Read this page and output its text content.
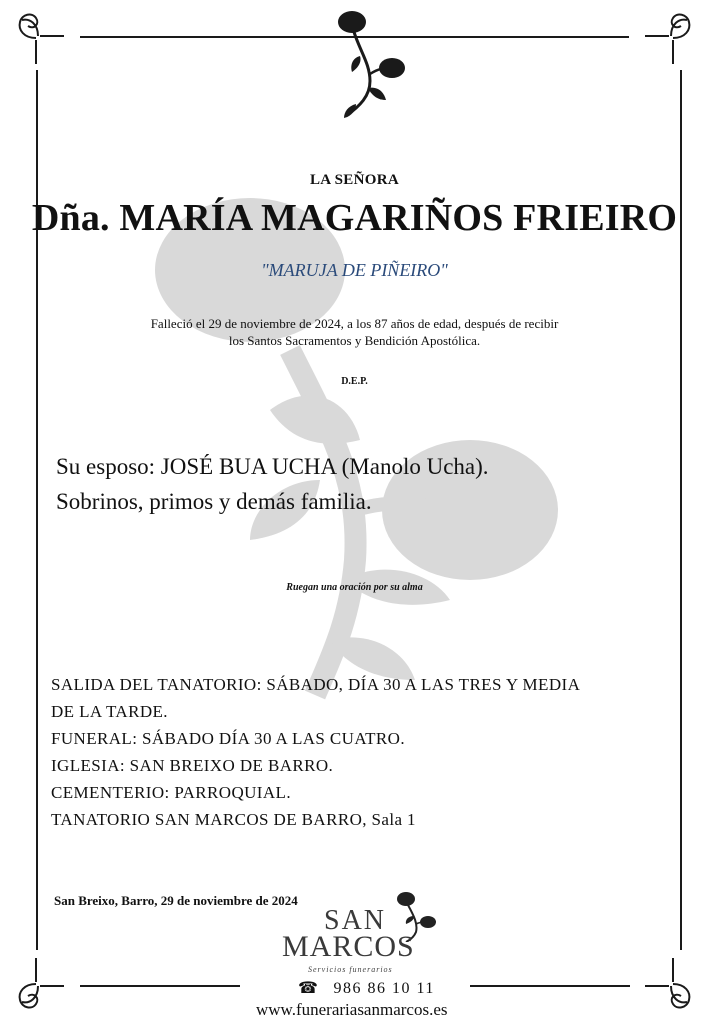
LA SEÑORA
Dña. MARÍA MAGARIÑOS FRIEIRO
"MARUJA DE PIÑEIRO"
Falleció el 29 de noviembre de 2024, a los 87 años de edad, después de recibir
los Santos Sacramentos y Bendición Apostólica.
D.E.P.
Su esposo: JOSÉ BUA UCHA (Manolo Ucha).
Sobrinos, primos y demás familia.
Ruegan una oración por su alma
SALIDA DEL TANATORIO: SÁBADO, DÍA 30 A LAS TRES Y MEDIA
DE LA TARDE.
FUNERAL: SÁBADO DÍA 30 A LAS CUATRO.
IGLESIA: SAN BREIXO DE BARRO.
CEMENTERIO: PARROQUIAL.
TANATORIO SAN MARCOS DE BARRO, Sala 1
San Breixo, Barro, 29 de noviembre de 2024
SAN
MARCOS
Servicios funerarios
☎ 986 86 10 11
www.funerariasanmarcos.es
